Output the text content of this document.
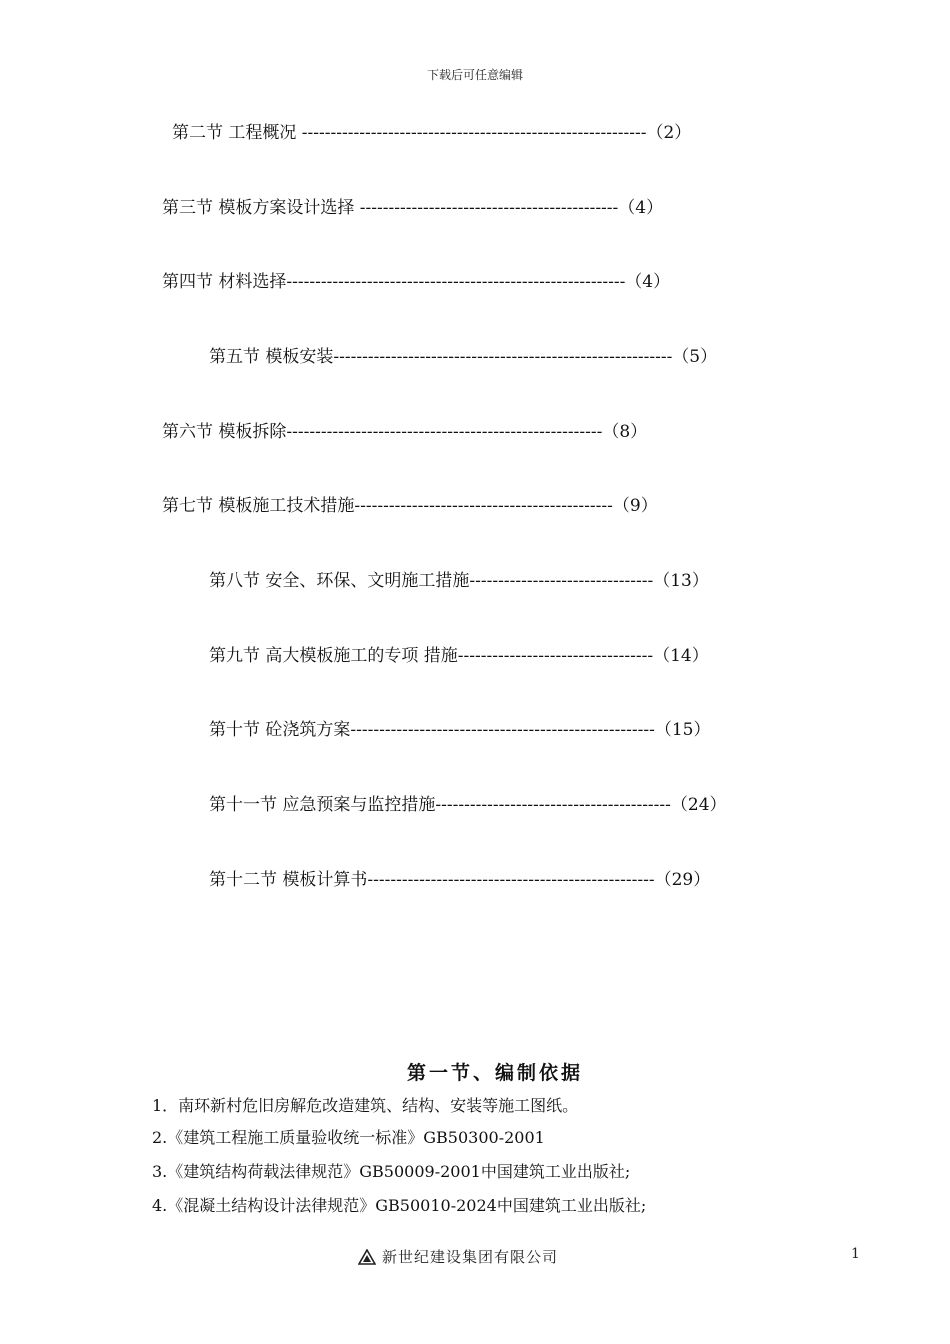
下载后可任意编辑
第二节 工程概况 ------------------------------------------------------------（2）
第三节 模板方案设计选择 ---------------------------------------------（4）
第四节 材料选择-----------------------------------------------------------（4）
第五节 模板安装-----------------------------------------------------------（5）
第六节 模板拆除-------------------------------------------------------（8）
第七节 模板施工技术措施---------------------------------------------（9）
第八节 安全、环保、文明施工措施--------------------------------（13）
第九节 高大模板施工的专项 措施----------------------------------（14）
第十节 砼浇筑方案-----------------------------------------------------（15）
第十一节 应急预案与监控措施-----------------------------------------（24）
第十二节 模板计算书--------------------------------------------------（29）
第一节、编制依据
1．南环新村危旧房解危改造建筑、结构、安装等施工图纸。
2.《建筑工程施工质量验收统一标准》GB50300-2001
3.《建筑结构荷载法律规范》GB50009-2001中国建筑工业出版社;
4.《混凝土结构设计法律规范》GB50010-2024中国建筑工业出版社;
新世纪建设集团有限公司	1
